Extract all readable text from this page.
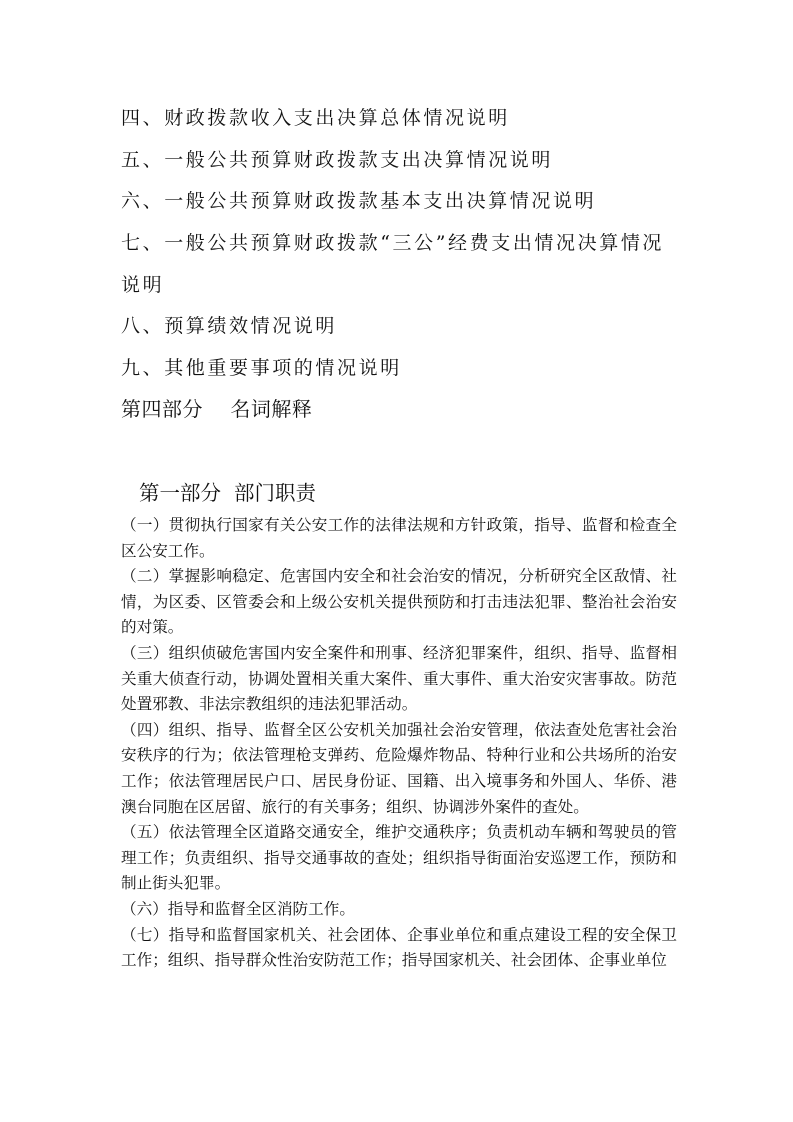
四、财政拨款收入支出决算总体情况说明
五、一般公共预算财政拨款支出决算情况说明
六、一般公共预算财政拨款基本支出决算情况说明
七、一般公共预算财政拨款“三公”经费支出情况决算情况说明
八、预算绩效情况说明
九、其他重要事项的情况说明
第四部分    名词解释
第一部分  部门职责

（一）贯彻执行国家有关公安工作的法律法规和方针政策，指导、监督和检查全区公安工作。

（二）掌握影响稳定、危害国内安全和社会治安的情况，分析研究全区敌情、社情，为区委、区管委会和上级公安机关提供预防和打击违法犯罪、整治社会治安的对策。

（三）组织侦破危害国内安全案件和刑事、经济犯罪案件，组织、指导、监督相关重大侦查行动，协调处置相关重大案件、重大事件、重大治安灾害事故。防范处置邪教、非法宗教组织的违法犯罪活动。

（四）组织、指导、监督全区公安机关加强社会治安管理，依法查处危害社会治安秩序的行为；依法管理枪支弹药、危险爆炸物品、特种行业和公共场所的治安工作；依法管理居民户口、居民身份证、国籍、出入境事务和外国人、华侨、港澳台同胞在区居留、旅行的有关事务；组织、协调涉外案件的查处。

（五）依法管理全区道路交通安全，维护交通秩序；负责机动车辆和驾驶员的管理工作；负责组织、指导交通事故的查处；组织指导街面治安巡逻工作，预防和制止街头犯罪。

（六）指导和监督全区消防工作。

（七）指导和监督国家机关、社会团体、企事业单位和重点建设工程的安全保卫工作；组织、指导群众性治安防范工作；指导国家机关、社会团体、企事业单位
